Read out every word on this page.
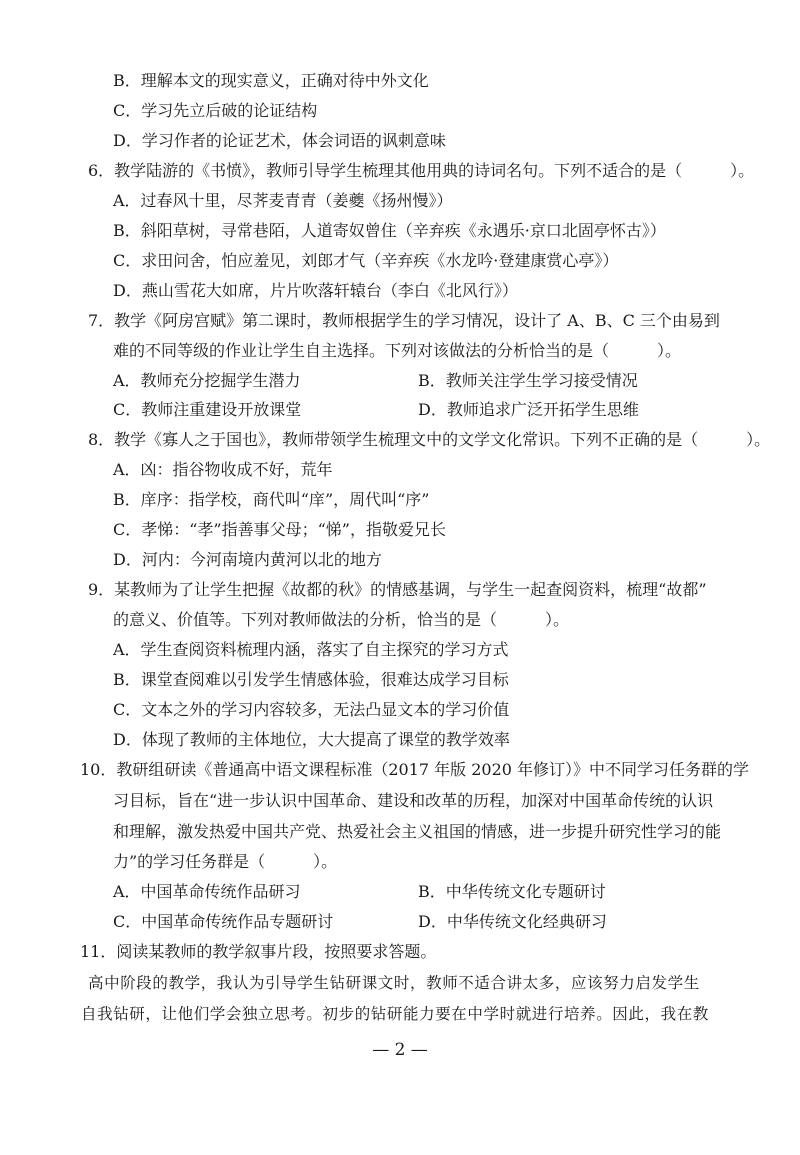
B．理解本文的现实意义，正确对待中外文化
C．学习先立后破的论证结构
D．学习作者的论证艺术，体会词语的讽刺意味
6．教学陆游的《书愤》，教师引导学生梳理其他用典的诗词名句。下列不适合的是（　　　）。
A．过春风十里，尽荠麦青青（姜夔《扬州慢》）
B．斜阳草树，寻常巷陌，人道寄奴曾住（辛弃疾《永遇乐·京口北固亭怀古》）
C．求田问舍，怕应羞见，刘郎才气（辛弃疾《水龙吟·登建康赏心亭》）
D．燕山雪花大如席，片片吹落轩辕台（李白《北风行》）
7．教学《阿房宫赋》第二课时，教师根据学生的学习情况，设计了 A、B、C 三个由易到
难的不同等级的作业让学生自主选择。下列对该做法的分析恰当的是（　　　）。
A．教师充分挖掘学生潜力	B．教师关注学生学习接受情况
C．教师注重建设开放课堂	D．教师追求广泛开拓学生思维
8．教学《寡人之于国也》，教师带领学生梳理文中的文学文化常识。下列不正确的是（　　　）。
A．凶：指谷物收成不好，荒年
B．庠序：指学校，商代叫“庠”，周代叫“序”
C．孝悌：“孝”指善事父母；“悌”，指敬爱兄长
D．河内：今河南境内黄河以北的地方
9．某教师为了让学生把握《故都的秋》的情感基调，与学生一起查阅资料，梳理“故都”
的意义、价值等。下列对教师做法的分析，恰当的是（　　　）。
A．学生查阅资料梳理内涵，落实了自主探究的学习方式
B．课堂查阅难以引发学生情感体验，很难达成学习目标
C．文本之外的学习内容较多，无法凸显文本的学习价值
D．体现了教师的主体地位，大大提高了课堂的教学效率
10．教研组研读《普通高中语文课程标准（2017 年版 2020 年修订）》中不同学习任务群的学
习目标，旨在“进一步认识中国革命、建设和改革的历程，加深对中国革命传统的认识
和理解，激发热爱中国共产党、热爱社会主义祖国的情感，进一步提升研究性学习的能
力”的学习任务群是（　　　）。
A．中国革命传统作品研习	B．中华传统文化专题研讨
C．中国革命传统作品专题研讨	D．中华传统文化经典研习
11．阅读某教师的教学叙事片段，按照要求答题。
高中阶段的教学，我认为引导学生钻研课文时，教师不适合讲太多，应该努力启发学生
自我钻研，让他们学会独立思考。初步的钻研能力要在中学时就进行培养。因此，我在教
— 2 —
